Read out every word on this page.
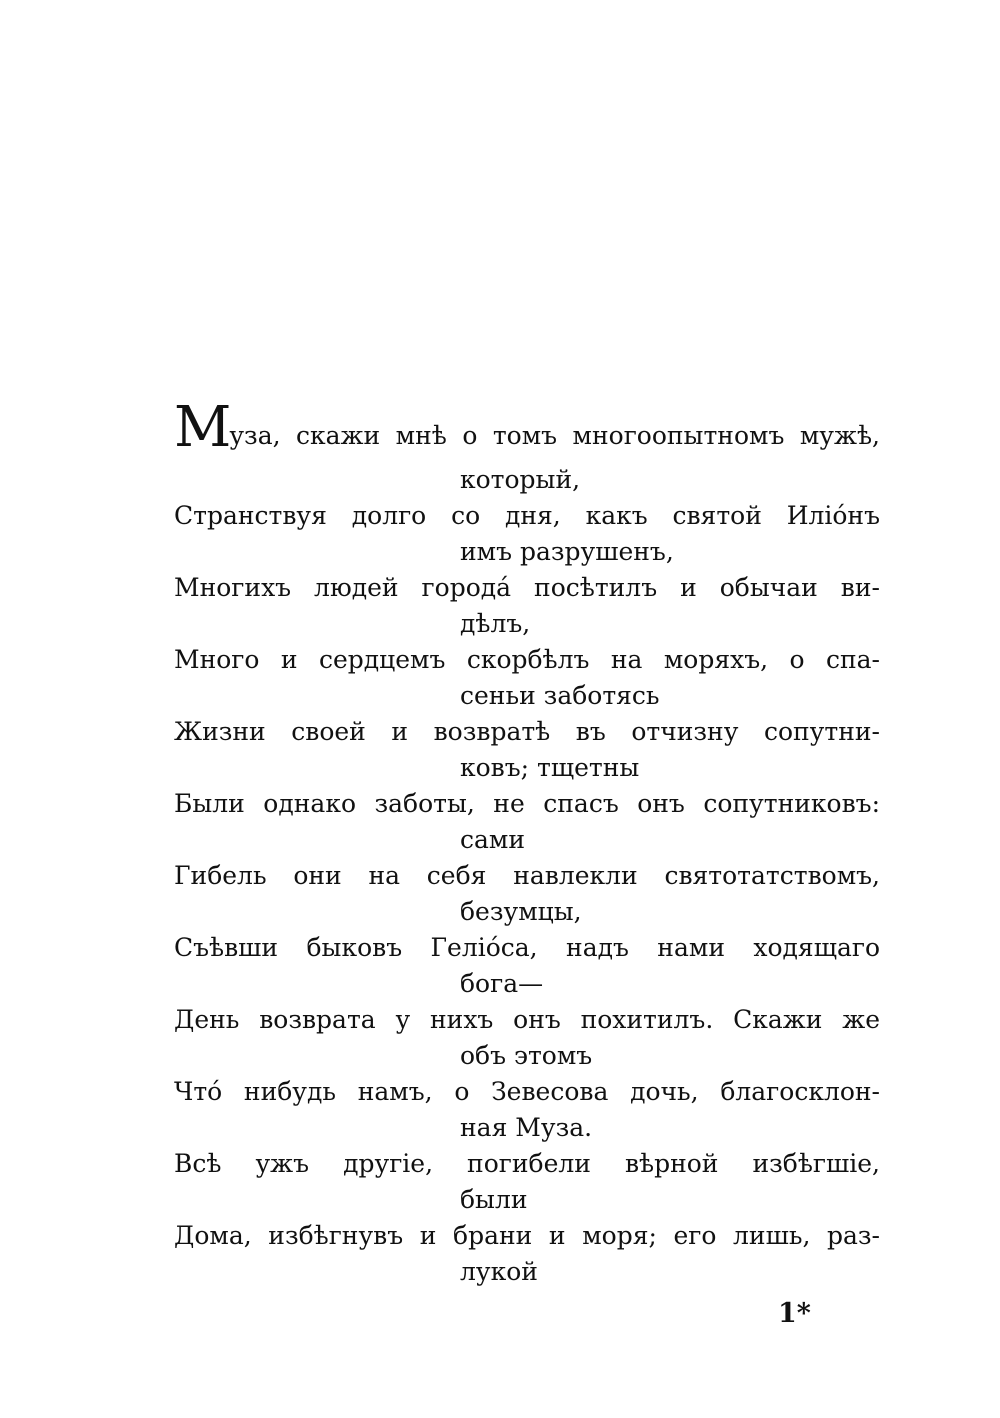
Муза, скажи мнѣ о томъ многоопытномъ мужѣ,
который,
Странствуя долго со дня, какъ святой Иліóнъ
имъ разрушенъ,
Многихъ людей городá посѣтилъ и обычаи ви-
дѣлъ,
Много и сердцемъ скорбѣлъ на моряхъ, о спа-
сеньи заботясь
Жизни своей и возвратѣ въ отчизну сопутни-
ковъ; тщетны
Были однако заботы, не спасъ онъ сопутниковъ:
сами
Гибель они на себя навлекли святотатствомъ,
безумцы,
Съѣвши быковъ Геліóса, надъ нами ходящаго
бога—
День возврата у нихъ онъ похитилъ. Скажи же
объ этомъ
Чтó нибудь намъ, о Зевесова дочь, благосклон-
ная Муза.
Всѣ ужъ другіе, погибели вѣрной избѣгшіе,
были
Дома, избѣгнувъ и брани и моря; его лишь, раз-
лукой
1*
